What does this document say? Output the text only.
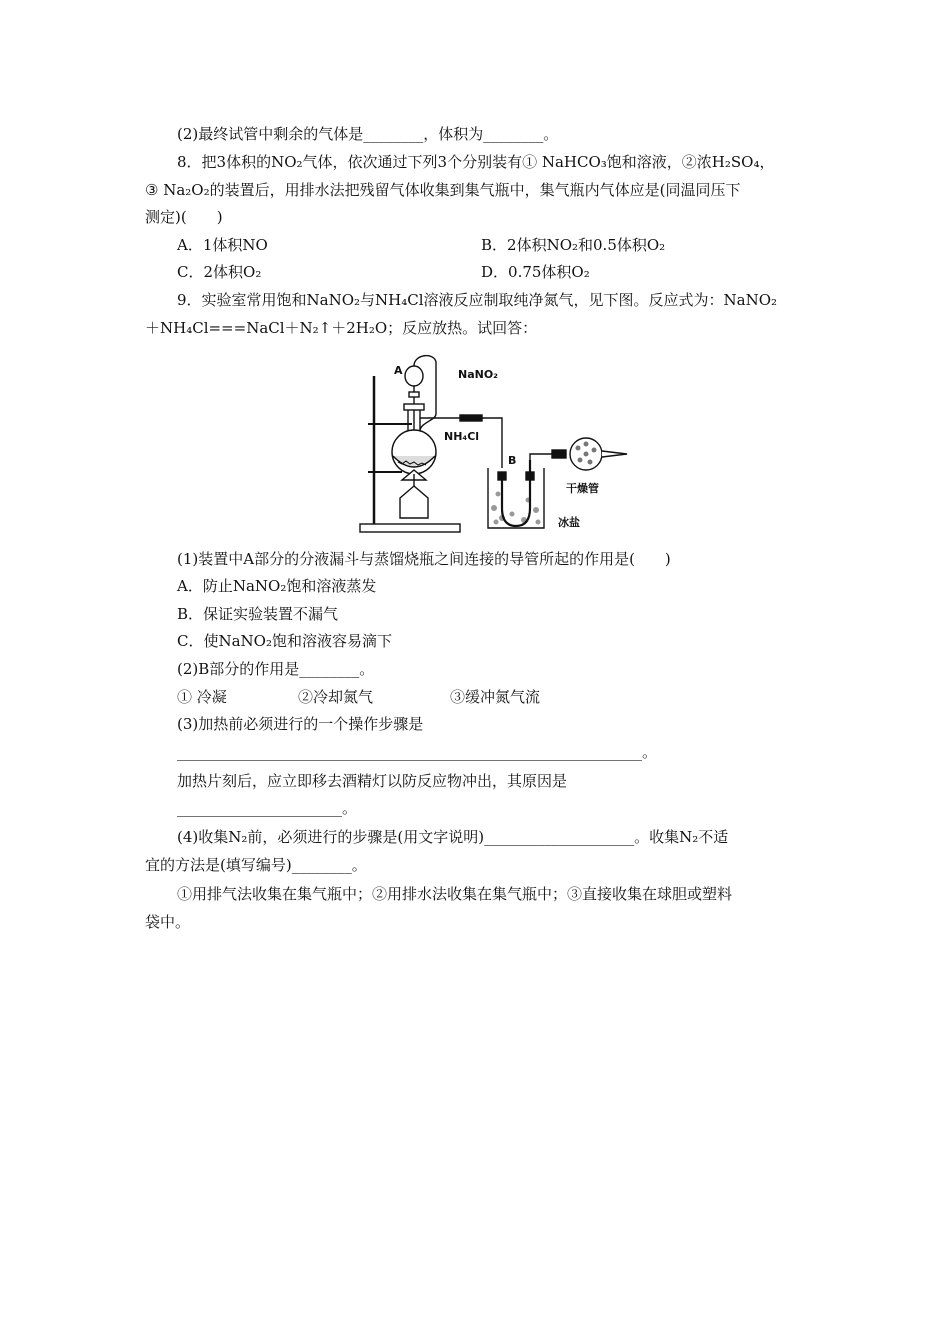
(2)最终试管中剩余的气体是________，体积为________。
8．把3体积的NO₂气体，依次通过下列3个分别装有① NaHCO₃饱和溶液，②浓H₂SO₄，
③ Na₂O₂的装置后，用排水法把残留气体收集到集气瓶中，集气瓶内气体应是(同温同压下
测定)(　　)
A．1体积NO	B．2体积NO₂和0.5体积O₂
C．2体积O₂	D．0.75体积O₂
9．实验室常用饱和NaNO₂与NH₄Cl溶液反应制取纯净氮气，见下图。反应式为：NaNO₂
＋NH₄Cl===NaCl＋N₂↑＋2H₂O；反应放热。试回答：
A	NaNO₂
NH₄Cl
B
干燥管
冰盐
(1)装置中A部分的分液漏斗与蒸馏烧瓶之间连接的导管所起的作用是(　　)
A．防止NaNO₂饱和溶液蒸发
B．保证实验装置不漏气
C．使NaNO₂饱和溶液容易滴下
(2)B部分的作用是________。
① 冷凝	②冷却氮气	③缓冲氮气流
(3)加热前必须进行的一个操作步骤是
______________________________________________________________。
加热片刻后，应立即移去酒精灯以防反应物冲出，其原因是
______________________。
(4)收集N₂前，必须进行的步骤是(用文字说明)____________________。收集N₂不适
宜的方法是(填写编号)________。
①用排气法收集在集气瓶中；②用排水法收集在集气瓶中；③直接收集在球胆或塑料
袋中。
